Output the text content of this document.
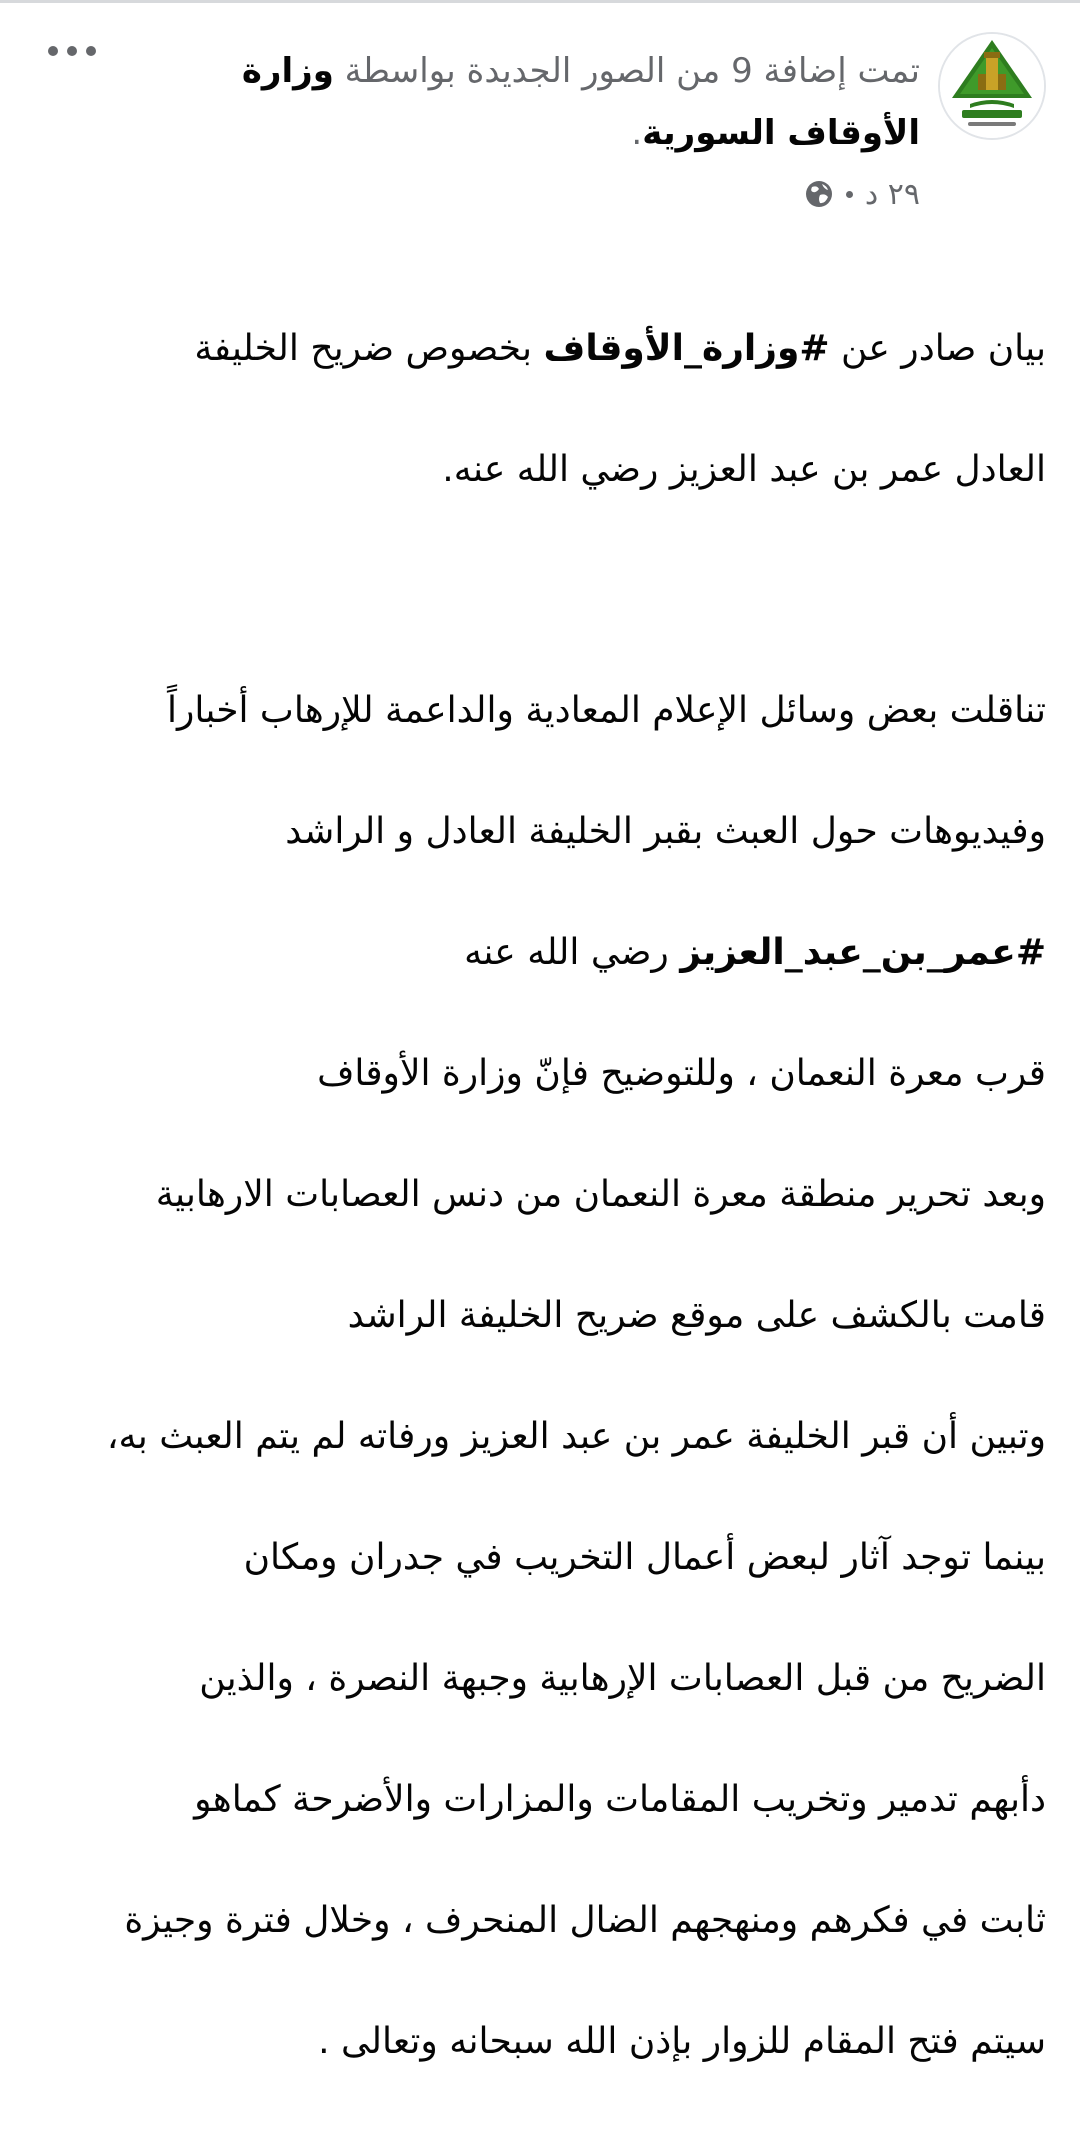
تمت إضافة 9 من الصور الجديدة بواسطة وزارة
الأوقاف السورية.
٢٩ د

بيان صادر عن #وزارة_الأوقاف بخصوص ضريح الخليفة

العادل عمر بن عبد العزيز رضي الله عنه.

تناقلت بعض وسائل الإعلام المعادية والداعمة للإرهاب أخباراً

وفيديوهات حول العبث بقبر الخليفة العادل و الراشد

#عمر_بن_عبد_العزيز رضي الله عنه

قرب معرة النعمان ، وللتوضيح فإنّ وزارة الأوقاف

وبعد تحرير منطقة معرة النعمان من دنس العصابات الارهابية

قامت بالكشف على موقع ضريح الخليفة الراشد

وتبين أن قبر الخليفة عمر بن عبد العزيز ورفاته لم يتم العبث به،

بينما توجد آثار لبعض أعمال التخريب في جدران ومكان

الضريح من قبل العصابات الإرهابية وجبهة النصرة ، والذين

دأبهم تدمير وتخريب المقامات والمزارات والأضرحة كماهو

ثابت في فكرهم ومنهجهم الضال المنحرف ، وخلال فترة وجيزة

سيتم فتح المقام للزوار بإذن الله سبحانه وتعالى .
